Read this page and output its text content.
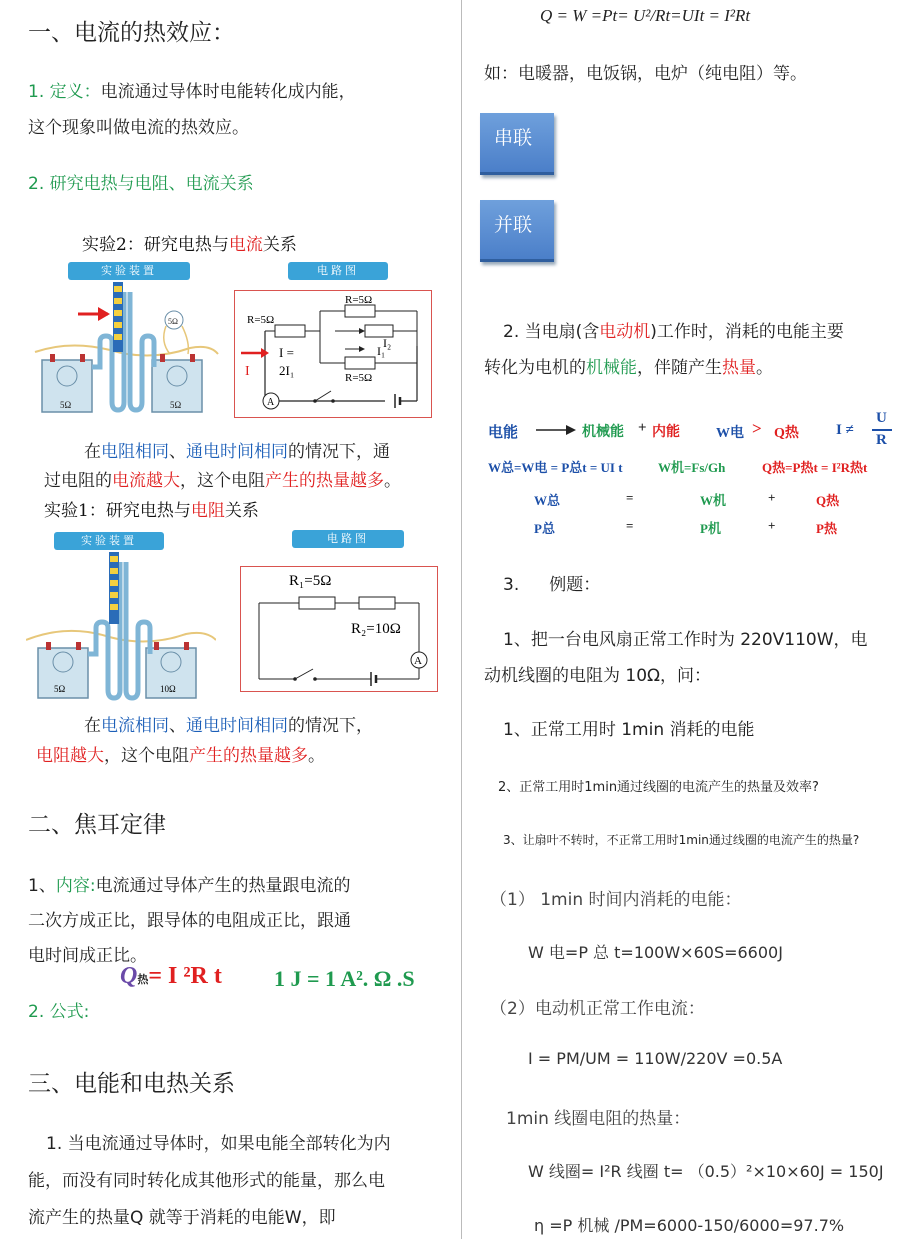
一、电流的热效应：
1. 定义：电流通过导体时电能转化成内能，
这个现象叫做电流的热效应。
2. 研究电热与电阻、电流关系
实验2：研究电热与电流关系
实验装置	电路图
5Ω
5Ω	5Ω	A
R=5Ω
R=5Ω
I₂
I₁
R=5Ω
I =
2I₁
I
在电阻相同、通电时间相同的情况下，通
过电阻的电流越大，这个电阻产生的热量越多。
实验1：研究电热与电阻关系
实验装置	电路图
5Ω	10Ω
A
R₁=5Ω
R₂=10Ω
在电流相同、通电时间相同的情况下，
电阻越大，这个电阻产生的热量越多。
二、焦耳定律
1、内容:电流通过导体产生的热量跟电流的
二次方成正比，跟导体的电阻成正比，跟通
电时间成正比。
Q热= I ²R t 1 J = 1 A². Ω .S
2. 公式:
三、电能和电热关系
1. 当电流通过导体时，如果电能全部转化为内
能，而没有同时转化成其他形式的能量，那么电
流产生的热量Q 就等于消耗的电能W，即
Q = W =Pt= U²/Rt=UIt = I²Rt
如：电暖器，电饭锅，电炉（纯电阻）等。
串联
并联
2. 当电扇(含电动机)工作时，消耗的电能主要
转化为电机的机械能，伴随产生热量。
电能	机械能 + 内能	W电 > Q热 I ≠
U
R
W总=W电 = P总t = UI t	W机=Fs/Gh	Q热=P热t = I²R热t
W总	=	W机	+	Q热
P总	=	P机	+	P热
3. 例题：
1、把一台电风扇正常工作时为 220V110W，电
动机线圈的电阻为 10Ω，问：
1、正常工用时 1min 消耗的电能
2、正常工用时1min通过线圈的电流产生的热量及效率?
3、让扇叶不转时，不正常工用时1min通过线圈的电流产生的热量?
（1） 1min 时间内消耗的电能：
W 电=P 总 t=100W×60S=6600J
（2）电动机正常工作电流：
I = PM/UM = 110W/220V =0.5A
1min 线圈电阻的热量：
W 线圈= I²R 线圈 t= （0.5）²×10×60J = 150J
η =P 机械 /PM=6000-150/6000=97.7%
